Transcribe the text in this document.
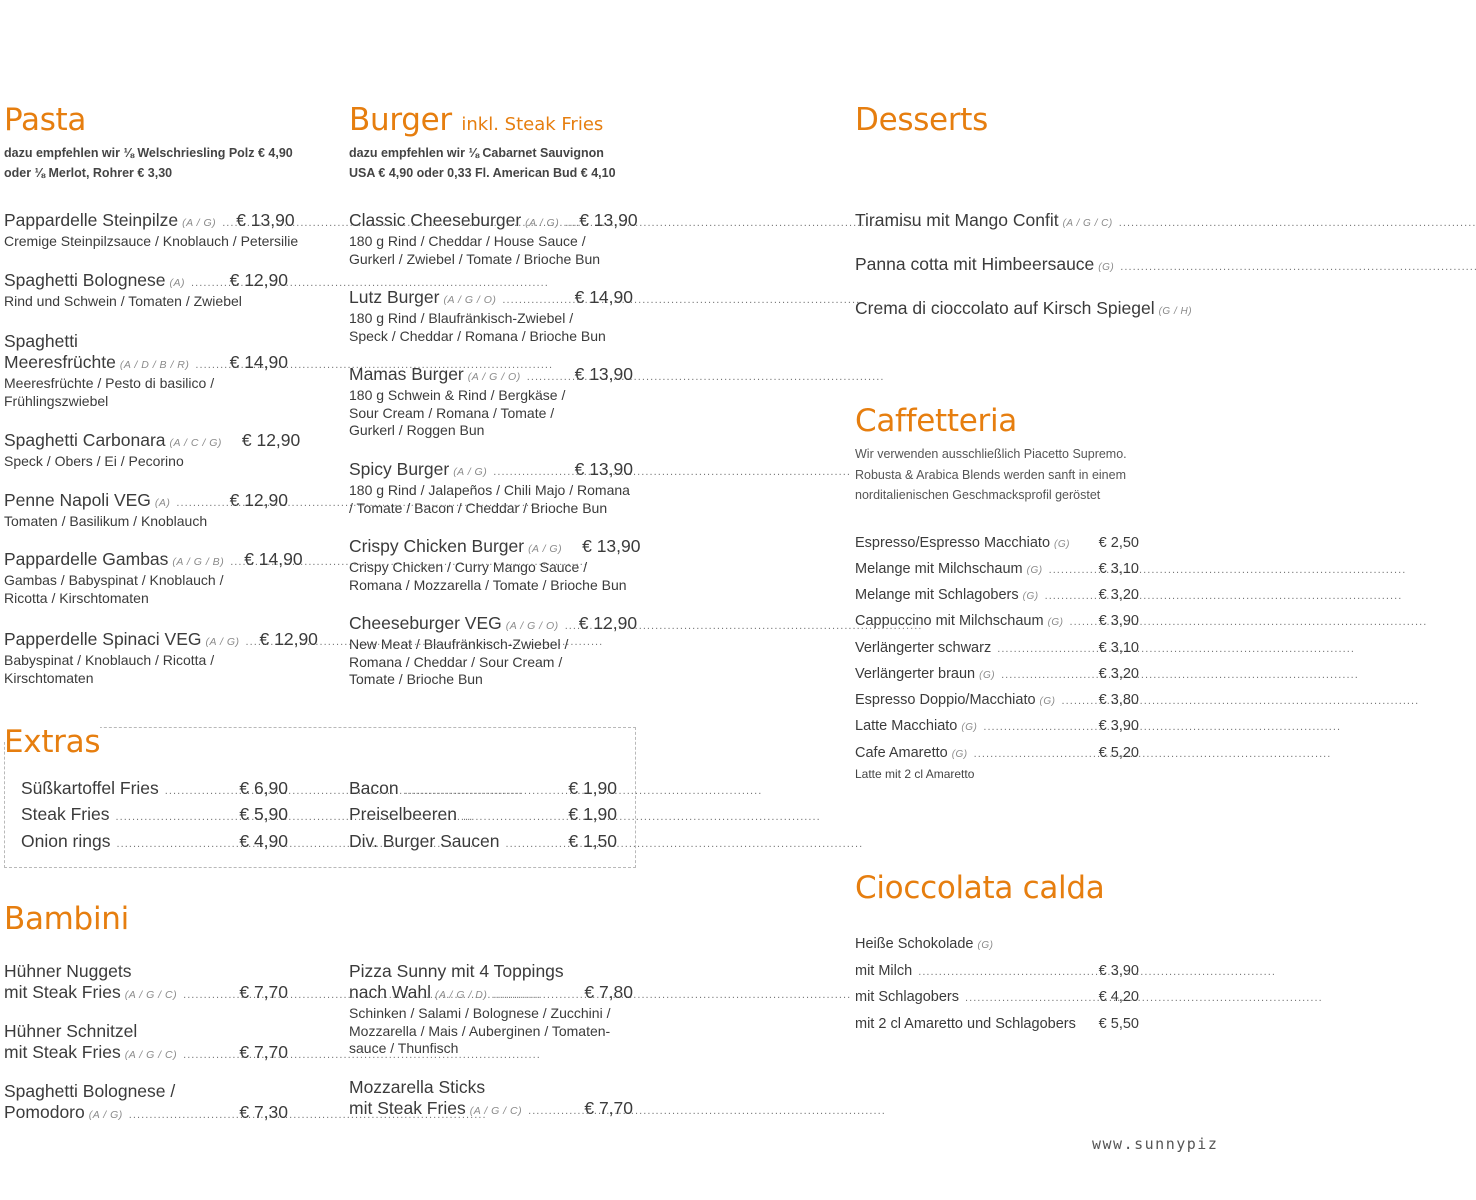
Pasta
dazu empfehlen wir ⅛ Welschriesling Polz € 4,90
oder ⅛ Merlot, Rohrer € 3,30
Pappardelle Steinpilze (A / G) . . . € 13,90
Cremige Steinpilzsauce / Knoblauch / Petersilie
Spaghetti Bolognese (A) . . .	€ 12,90
Rind und Schwein / Tomaten / Zwiebel
Spaghetti
Meeresfrüchte (A / D / B / R) . . . € 14,90
Meeresfrüchte / Pesto di basilico /
Frühlingszwiebel
Spaghetti Carbonara (A / C / G) € 12,90
Speck / Obers / Ei / Pecorino
Penne Napoli VEG (A) . . .	€ 12,90
Tomaten / Basilikum / Knoblauch
Pappardelle Gambas (A / G / B) . . . € 14,90
Gambas / Babyspinat / Knoblauch /
Ricotta / Kirschtomaten
Papperdelle Spinaci VEG (A / G) . . . € 12,90
Babyspinat / Knoblauch / Ricotta /
Kirschtomaten
Burger inkl. Steak Fries
dazu empfehlen wir ⅛ Cabarnet Sauvignon
USA € 4,90 oder 0,33 Fl. American Bud € 4,10
Classic Cheeseburger (A / G) . . . € 13,90
180 g Rind / Cheddar / House Sauce /
Gurkerl / Zwiebel / Tomate / Brioche Bun
Lutz Burger (A / G / O) . . .	€ 14,90
180 g Rind / Blaufränkisch-Zwiebel /
Speck / Cheddar / Romana / Brioche Bun
Mamas Burger (A / G / O) . . .	€ 13,90
180 g Schwein & Rind / Bergkäse /
Sour Cream / Romana / Tomate /
Gurkerl / Roggen Bun
Spicy Burger (A / G) . . .	€ 13,90
180 g Rind / Jalapeños / Chili Majo / Romana
/ Tomate / Bacon / Cheddar / Brioche Bun
Crispy Chicken Burger (A / G) € 13,90
Crispy Chicken / Curry Mango Sauce /
Romana / Mozzarella / Tomate / Brioche Bun
Cheeseburger VEG (A / G / O) . . . € 12,90
New Meat / Blaufränkisch-Zwiebel /
Romana / Cheddar / Sour Cream /
Tomate / Brioche Bun
Extras
Süßkartoffel Fries . . .	€ 6,90
Steak Fries . . .	€ 5,90
Onion rings . . .	€ 4,90
Bacon . . .	€ 1,90
Preiselbeeren . . .	€ 1,90
Div. Burger Saucen . . .	€ 1,50
Bambini
Hühner Nuggets
mit Steak Fries (A / G / C) . . .	€ 7,70
Hühner Schnitzel
mit Steak Fries (A / G / C) . . .	€ 7,70
Spaghetti Bolognese /
Pomodoro (A / G) . . .	€ 7,30
Pizza Sunny mit 4 Toppings
nach Wahl (A / G / D) . . .	€ 7,80
Schinken / Salami / Bolognese / Zucchini /
Mozzarella / Mais / Auberginen / Tomaten-
sauce / Thunfisch
Mozzarella Sticks
mit Steak Fries (A / G / C) . . .	€ 7,70
Desserts
Tiramisu mit Mango Confit (A / G / C)
. . .
Panna cotta mit Himbeersauce (G)
. . .
Crema di cioccolato auf Kirsch Spiegel (G / H)
Caffetteria
Wir verwenden ausschließlich Piacetto Supremo.
Robusta & Arabica Blends werden sanft in einem
norditalienischen Geschmacksprofil geröstet
Espresso/Espresso Macchiato (G) € 2,50
Melange mit Milchschaum (G) . . .	€ 3,10
Melange mit Schlagobers (G) . . .	€ 3,20
Cappuccino mit Milchschaum (G) . . . € 3,90
Verlängerter schwarz . . .	€ 3,10
Verlängerter braun (G) . . .	€ 3,20
Espresso Doppio/Macchiato (G) . . .	€ 3,80
Latte Macchiato (G) . . .	€ 3,90
Cafe Amaretto (G) . . .	€ 5,20
Latte mit 2 cl Amaretto
Cioccolata calda
Heiße Schokolade (G)
mit Milch . . .	€ 3,90
mit Schlagobers . . .	€ 4,20
mit 2 cl Amaretto und Schlagobers € 5,50
www.sunnypiz
